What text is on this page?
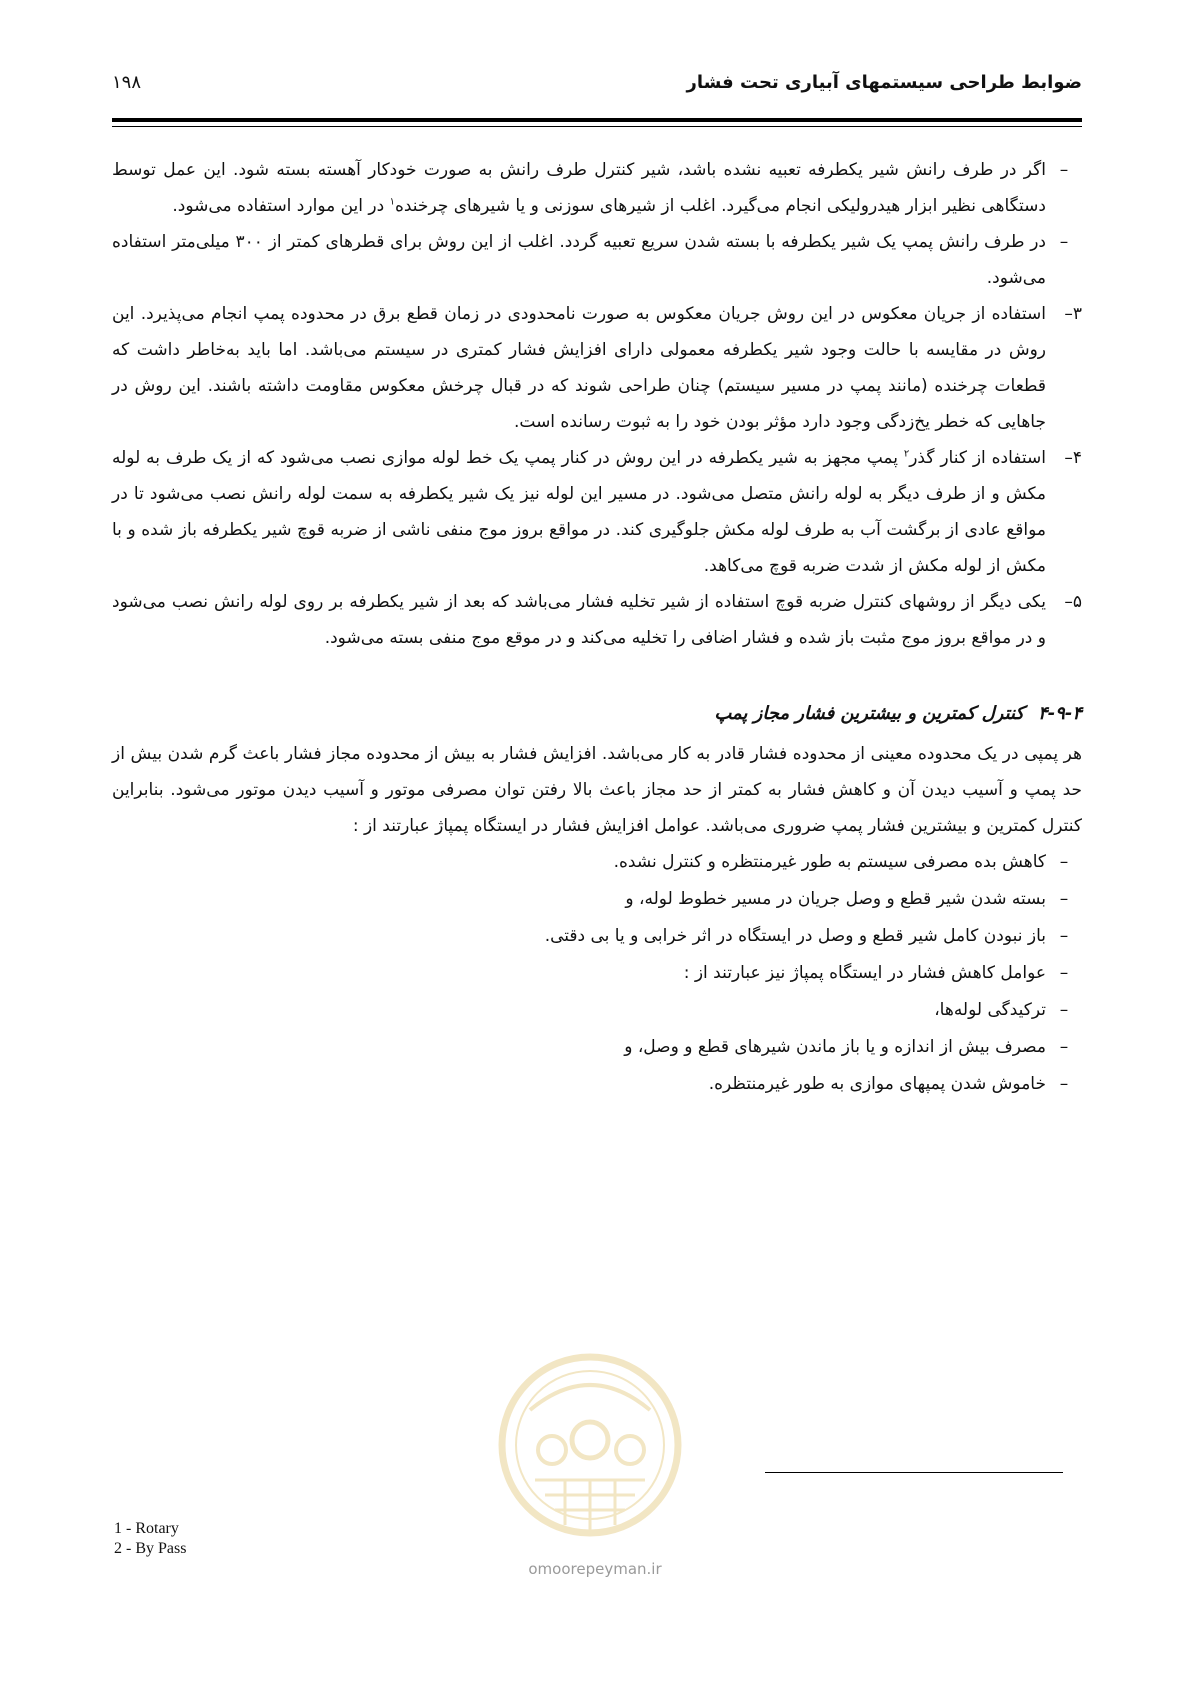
ضوابط طراحی سیستمهای آبیاری تحت فشار
۱۹۸
–
اگر در طرف رانش شیر یکطرفه تعبیه نشده باشد، شیر کنترل طرف رانش به صورت خودکار آهسته بسته شود. این عمل توسط دستگاهی نظیر ابزار هیدرولیکی انجام می‌گیرد. اغلب از شیرهای سوزنی و یا شیرهای چرخنده$^۱$ در این موارد استفاده می‌شود.
–
در طرف رانش پمپ یک شیر یکطرفه با بسته شدن سریع تعبیه گردد. اغلب از این روش برای قطرهای کمتر از ۳۰۰ میلی‌متر استفاده می‌شود.
۳–
استفاده از جریان معکوس در این روش جریان معکوس به صورت نامحدودی در زمان قطع برق در محدوده پمپ انجام می‌پذیرد. این روش در مقایسه با حالت وجود شیر یکطرفه معمولی دارای افزایش فشار کمتری در سیستم می‌باشد. اما باید به‌خاطر داشت که قطعات چرخنده (مانند پمپ در مسیر سیستم) چنان طراحی شوند که در قبال چرخش معکوس مقاومت داشته باشند. این روش در جاهایی که خطر یخ‌زدگی وجود دارد مؤثر بودن خود را به ثبوت رسانده است.
۴–
استفاده از کنار گذر$^۲$ پمپ مجهز به شیر یکطرفه در این روش در کنار پمپ یک خط لوله موازی نصب می‌شود که از یک طرف به لوله مکش و از طرف دیگر به لوله رانش متصل می‌شود. در مسیر این لوله نیز یک شیر یکطرفه به سمت لوله رانش نصب می‌شود تا در مواقع عادی از برگشت آب به طرف لوله مکش جلوگیری کند. در مواقع بروز موج منفی ناشی از ضربه قوچ شیر یکطرفه باز شده و با مکش از لوله مکش از شدت ضربه قوچ می‌کاهد.
۵–
یکی دیگر از روشهای کنترل ضربه قوچ استفاده از شیر تخلیه فشار می‌باشد که بعد از شیر یکطرفه بر روی لوله رانش نصب می‌شود و در مواقع بروز موج مثبت باز شده و فشار اضافی را تخلیه می‌کند و در موقع موج منفی بسته می‌شود.
۴-۹-۴کنترل کمترین و بیشترین فشار مجاز پمپ

هر پمپی در یک محدوده معینی از محدوده فشار قادر به کار می‌باشد. افزایش فشار به بیش از محدوده مجاز فشار باعث گرم شدن بیش از حد پمپ و آسیب دیدن آن و کاهش فشار به کمتر از حد مجاز باعث بالا رفتن توان مصرفی موتور و آسیب دیدن موتور می‌شود. بنابراین کنترل کمترین و بیشترین فشار پمپ ضروری می‌باشد. عوامل افزایش فشار در ایستگاه پمپاژ عبارتند از :

–
کاهش بده مصرفی سیستم به طور غیرمنتظره و کنترل نشده.
–
بسته شدن شیر قطع و وصل جریان در مسیر خطوط لوله، و
–
باز نبودن کامل شیر قطع و وصل در ایستگاه در اثر خرابی و یا بی دقتی.
–
عوامل کاهش فشار در ایستگاه پمپاژ نیز عبارتند از :
–
ترکیدگی لوله‌ها،
–
مصرف بیش از اندازه و یا باز ماندن شیرهای قطع و وصل، و
–
خاموش شدن پمپهای موازی به طور غیرمنتظره.
1 - Rotary
2 - By Pass
omoorepeyman.ir
